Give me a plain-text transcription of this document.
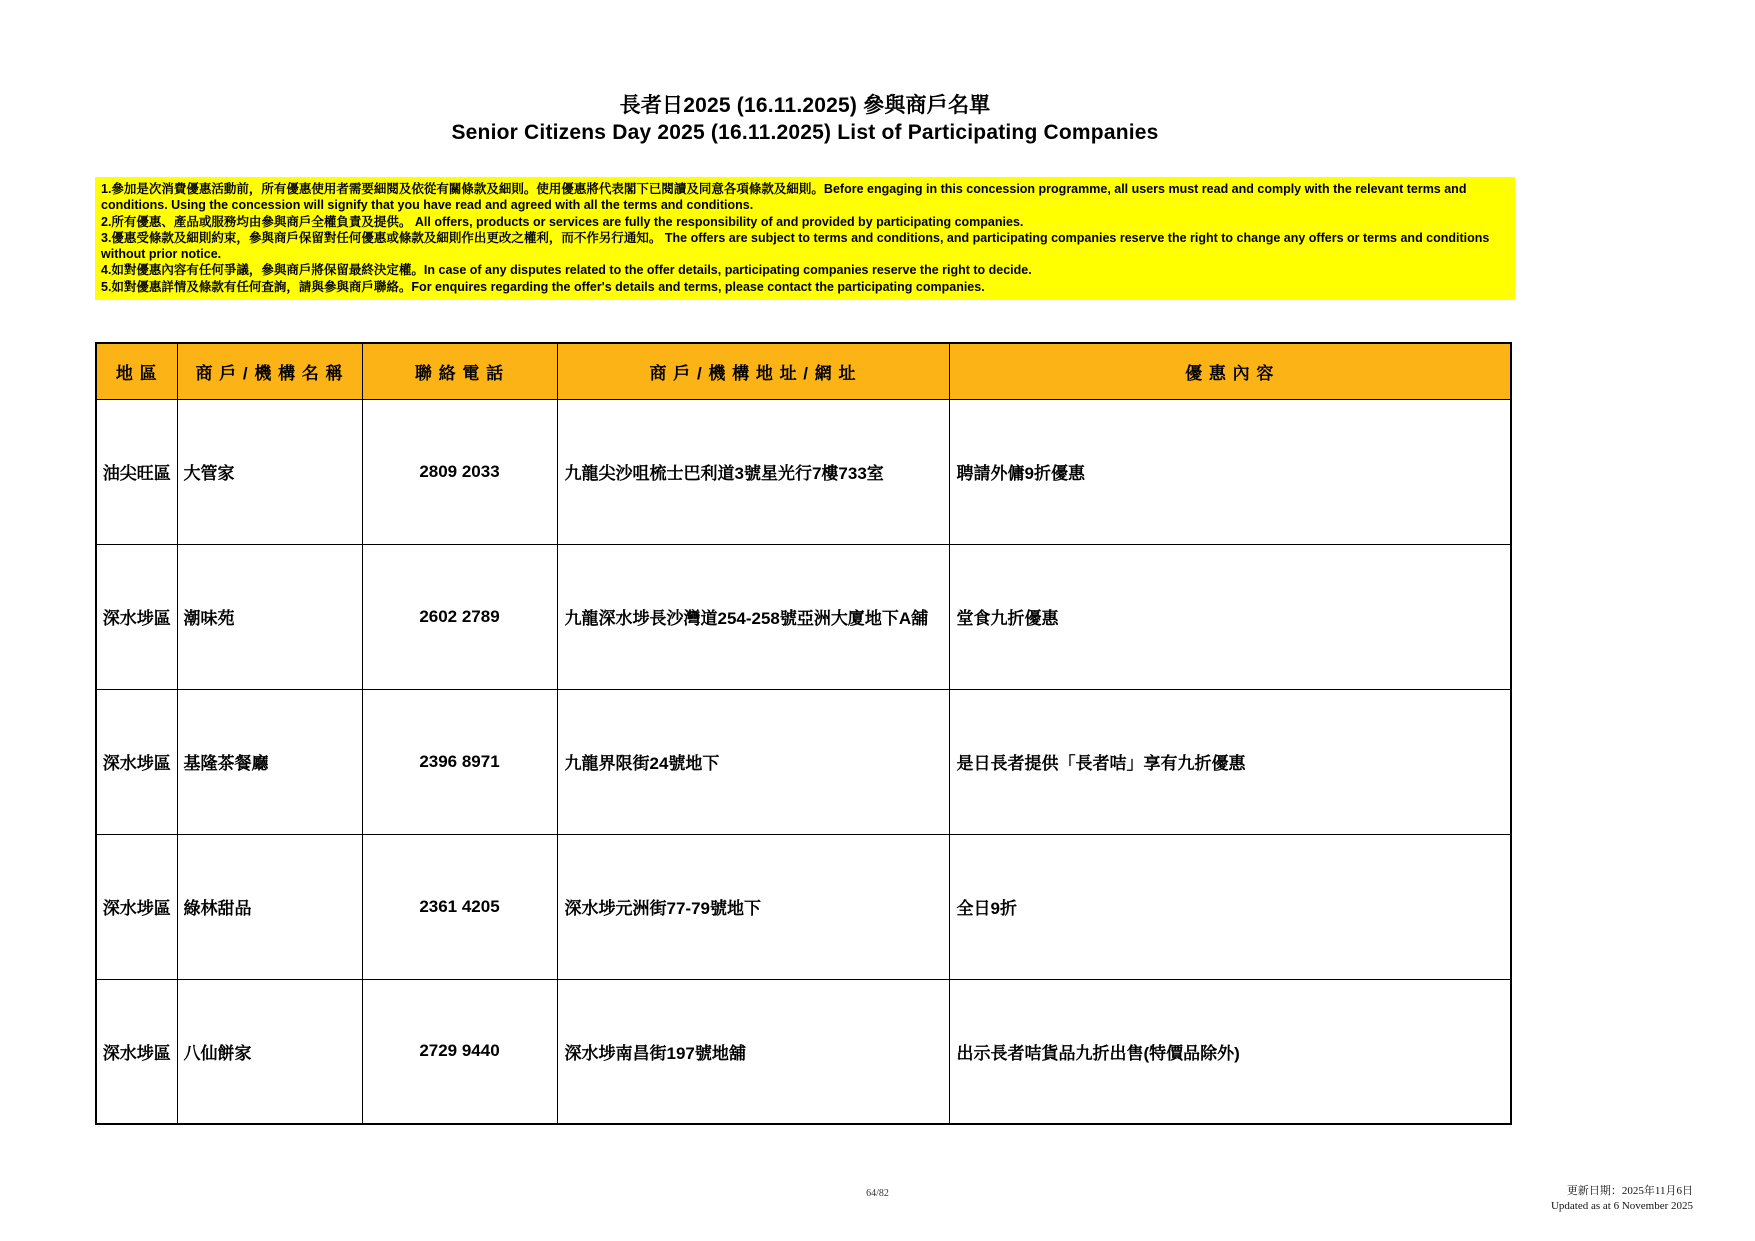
長者日2025 (16.11.2025) 參與商戶名單
Senior Citizens Day 2025 (16.11.2025) List of Participating Companies
1.參加是次消費優惠活動前，所有優惠使用者需要細閱及依從有關條款及細則。使用優惠將代表閣下已閱讀及同意各項條款及細則。Before engaging in this concession programme, all users must read and comply with the relevant terms and conditions. Using the concession will signify that you have read and agreed with all the terms and conditions.
2.所有優惠、產品或服務均由參與商戶全權負責及提供。 All offers, products or services are fully the responsibility of and provided by participating companies.
3.優惠受條款及細則約束，參與商戶保留對任何優惠或條款及細則作出更改之權利，而不作另行通知。 The offers are subject to terms and conditions, and participating companies reserve the right to change any offers or terms and conditions without prior notice.
4.如對優惠內容有任何爭議，參與商戶將保留最終決定權。In case of any disputes related to the offer details, participating companies reserve the right to decide.
5.如對優惠詳情及條款有任何查詢，請與參與商戶聯絡。For enquires regarding the offer's details and terms, please contact the participating companies.
地 區	商 戶 / 機 構 名 稱	聯 絡 電 話	商 戶 / 機 構 地 址 / 網 址	優 惠 內 容
油尖旺區	大管家	2809 2033	九龍尖沙咀梳士巴利道3號星光行7樓733室	聘請外傭9折優惠
深水埗區	潮味苑	2602 2789	九龍深水埗長沙灣道254-258號亞洲大廈地下A舖	堂食九折優惠
深水埗區	基隆茶餐廳	2396 8971	九龍界限街24號地下	是日長者提供「長者咭」享有九折優惠
深水埗區	綠林甜品	2361 4205	深水埗元洲街77-79號地下	全日9折
深水埗區	八仙餅家	2729 9440	深水埗南昌街197號地舖	出示長者咭貨品九折出售(特價品除外)
64/82	更新日期：2025年11月6日
Updated as at 6 November 2025
